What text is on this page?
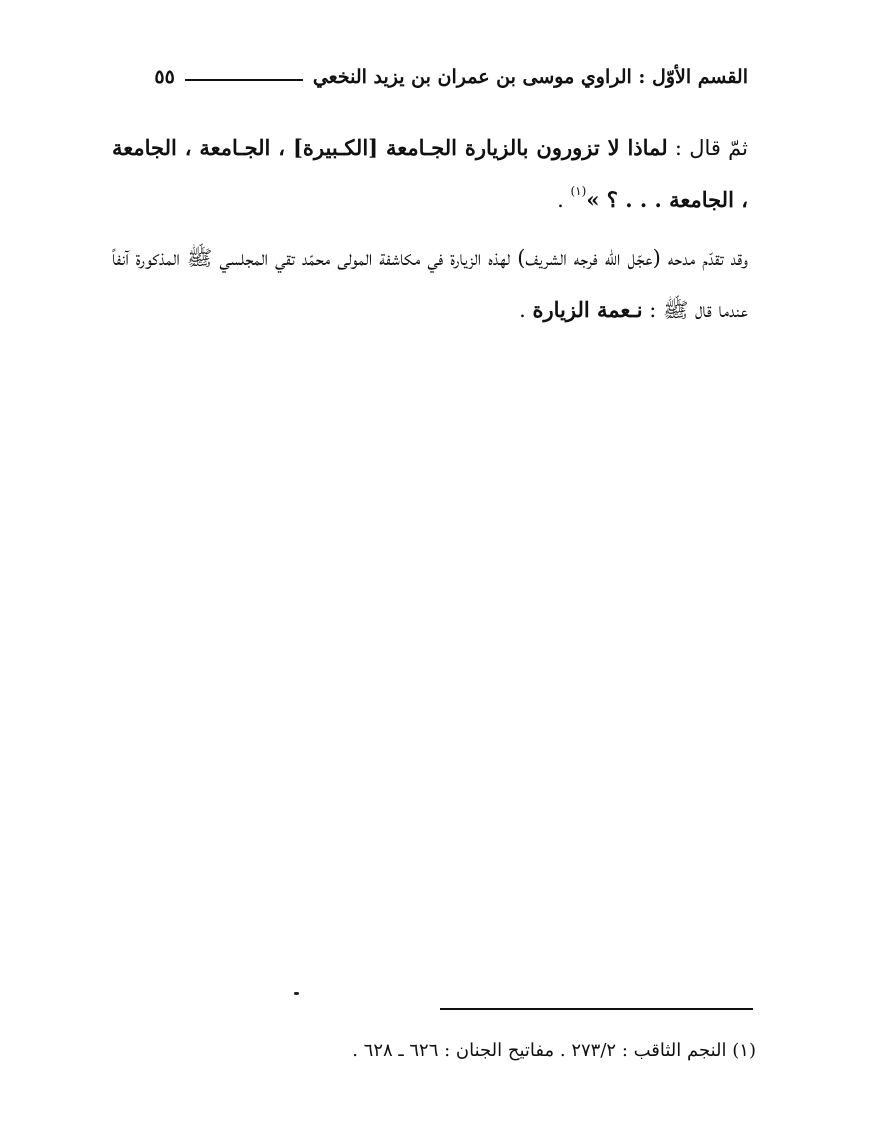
القسم الأوّل : الراوي موسى بن عمران بن يزيد النخعي
٥٥

ثمّ قال : لماذا لا تزورون بالزيارة الجـامعة [الكـبيرة] ، الجـامعة ، الجامعة ، الجامعة . . . ؟ »$^{(١)}$ .

وقد تقدّم مدحه (عجّل الله فرجه الشريف) لهذه الزيارة في مكاشفة المولى محمّد تقي المجلسي ﷺ المذكورة آنفاً عندما قال ﷺ : نـعمة الزيارة .

(١) النجم الثاقب : ٢٧٣/٢ . مفاتيح الجنان : ٦٢٦ ـ ٦٢٨ .
